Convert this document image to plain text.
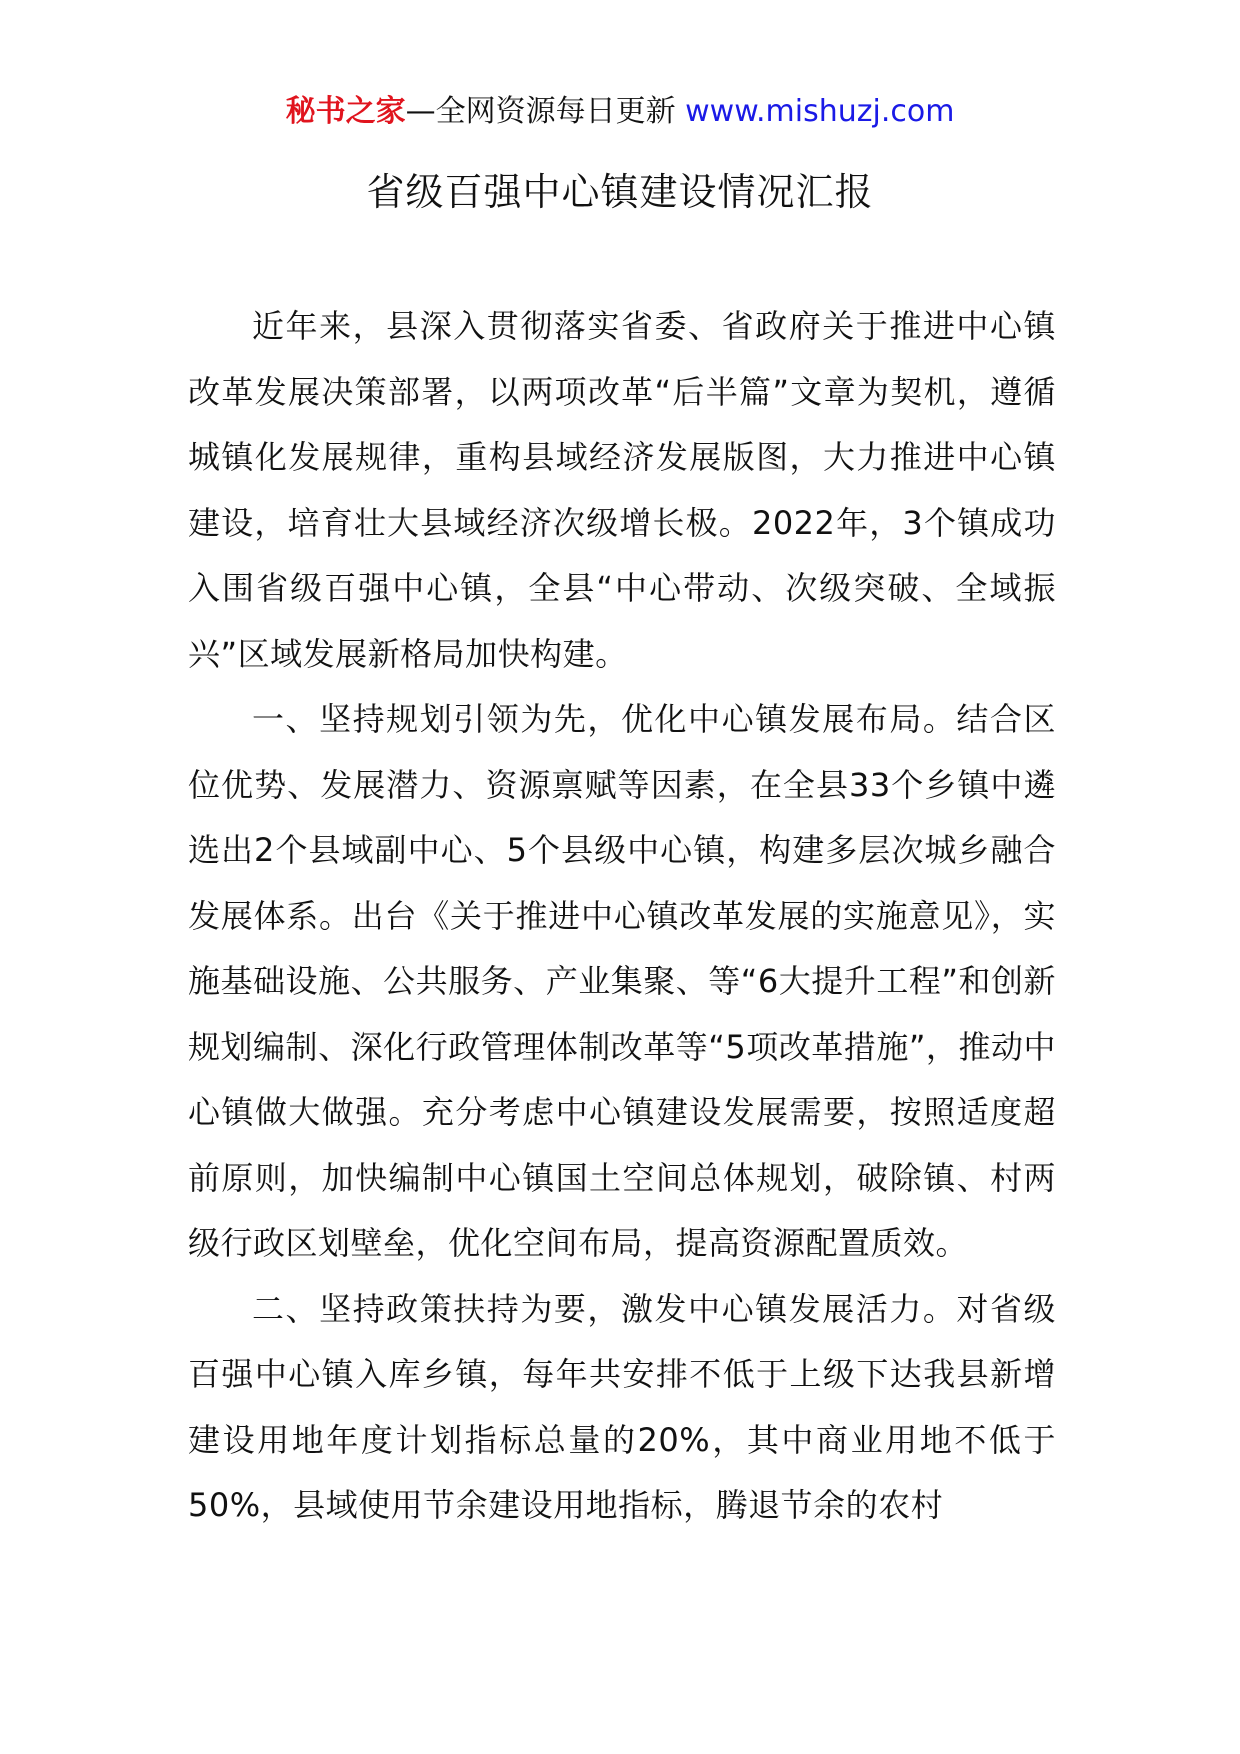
秘书之家—全网资源每日更新 www.mishuzj.com
省级百强中心镇建设情况汇报

近年来，县深入贯彻落实省委、省政府关于推进中心镇改革发展决策部署，以两项改革“后半篇”文章为契机，遵循城镇化发展规律，重构县域经济发展版图，大力推进中心镇建设，培育壮大县域经济次级增长极。2022年，3个镇成功入围省级百强中心镇，全县“中心带动、次级突破、全域振兴”区域发展新格局加快构建。

一、坚持规划引领为先，优化中心镇发展布局。结合区位优势、发展潜力、资源禀赋等因素，在全县33个乡镇中遴选出2个县域副中心、5个县级中心镇，构建多层次城乡融合发展体系。出台《关于推进中心镇改革发展的实施意见》，实施基础设施、公共服务、产业集聚、等“6大提升工程”和创新规划编制、深化行政管理体制改革等“5项改革措施”，推动中心镇做大做强。充分考虑中心镇建设发展需要，按照适度超前原则，加快编制中心镇国土空间总体规划，破除镇、村两级行政区划壁垒，优化空间布局，提高资源配置质效。

二、坚持政策扶持为要，激发中心镇发展活力。对省级百强中心镇入库乡镇，每年共安排不低于上级下达我县新增建设用地年度计划指标总量的20%，其中商业用地不低于50%，县域使用节余建设用地指标，腾退节余的农村
